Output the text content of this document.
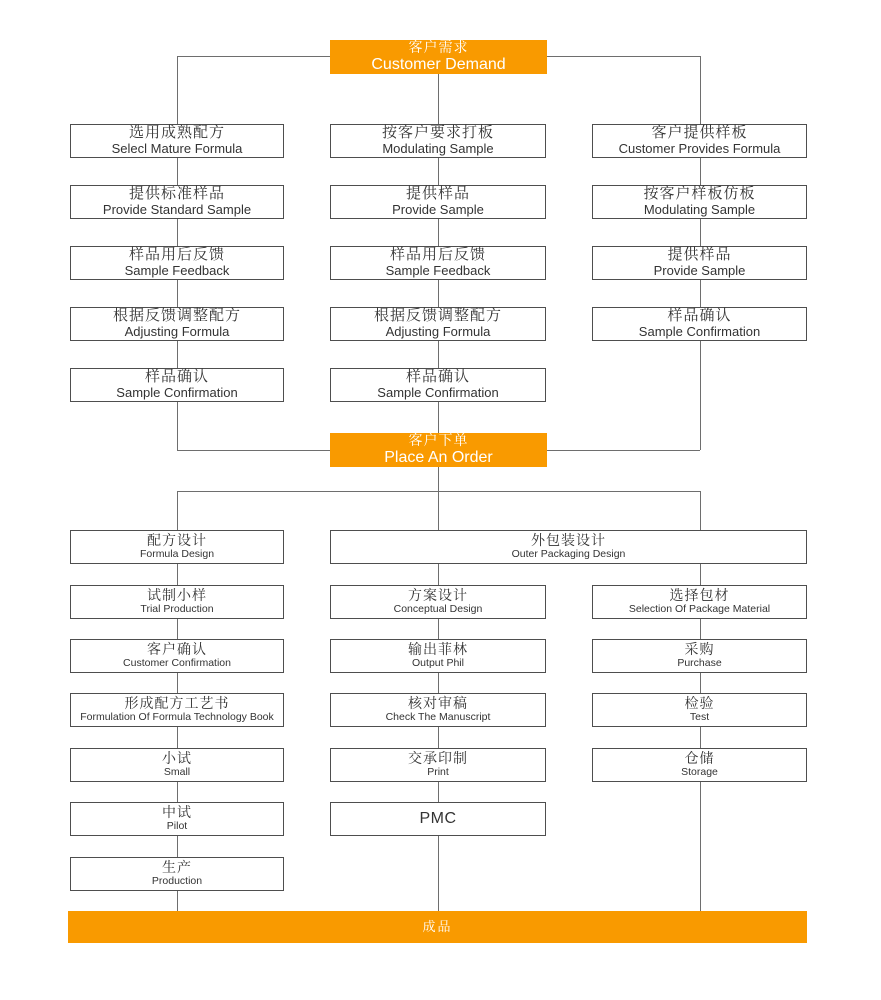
客户需求
Customer Demand
选用成熟配方
Selecl Mature Formula
提供标准样品
Provide Standard Sample
样品用后反馈
Sample Feedback
根据反馈调整配方
Adjusting Formula
样品确认
Sample Confirmation
按客户要求打板
Modulating Sample
提供样品
Provide Sample
样品用后反馈
Sample Feedback
根据反馈调整配方
Adjusting Formula
样品确认
Sample Confirmation
客户提供样板
Customer Provides Formula
按客户样板仿板
Modulating Sample
提供样品
Provide Sample
样品确认
Sample Confirmation
客户下单
Place An Order
配方设计
Formula Design
试制小样
Trial Production
客户确认
Customer Confirmation
形成配方工艺书
Formulation Of Formula Technology Book
小试
Small
中试
Pilot
生产
Production
外包装设计
Outer Packaging Design
方案设计
Conceptual Design
输出菲林
Output Phil
核对审稿
Check The Manuscript
交承印制
Print
PMC
选择包材
Selection Of Package Material
采购
Purchase
检验
Test
仓储
Storage
成品
